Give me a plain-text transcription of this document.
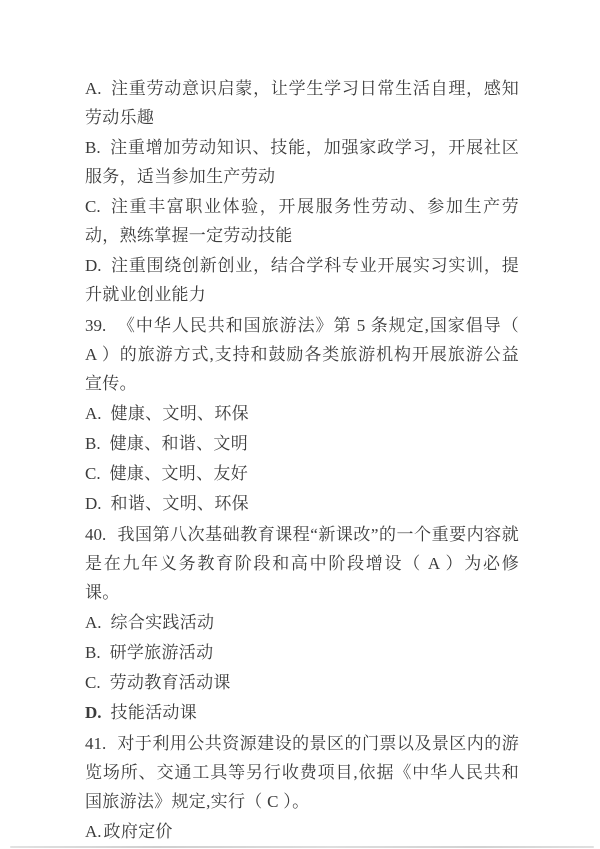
A. 注重劳动意识启蒙，让学生学习日常生活自理，感知劳动乐趣

B. 注重增加劳动知识、技能，加强家政学习，开展社区服务，适当参加生产劳动

C. 注重丰富职业体验，开展服务性劳动、参加生产劳动，熟练掌握一定劳动技能

D. 注重围绕创新创业，结合学科专业开展实习实训，提升就业创业能力

39. 《中华人民共和国旅游法》第 5 条规定,国家倡导（ A ）的旅游方式,支持和鼓励各类旅游机构开展旅游公益宣传。

A. 健康、文明、环保

B. 健康、和谐、文明

C. 健康、文明、友好

D. 和谐、文明、环保

40. 我国第八次基础教育课程“新课改”的一个重要内容就是在九年义务教育阶段和高中阶段增设（ A ）为必修课。

A. 综合实践活动

B. 研学旅游活动

C. 劳动教育活动课

D. 技能活动课

41. 对于利用公共资源建设的景区的门票以及景区内的游览场所、交通工具等另行收费项目,依据《中华人民共和国旅游法》规定,实行（ C ）。

A. 政府定价
